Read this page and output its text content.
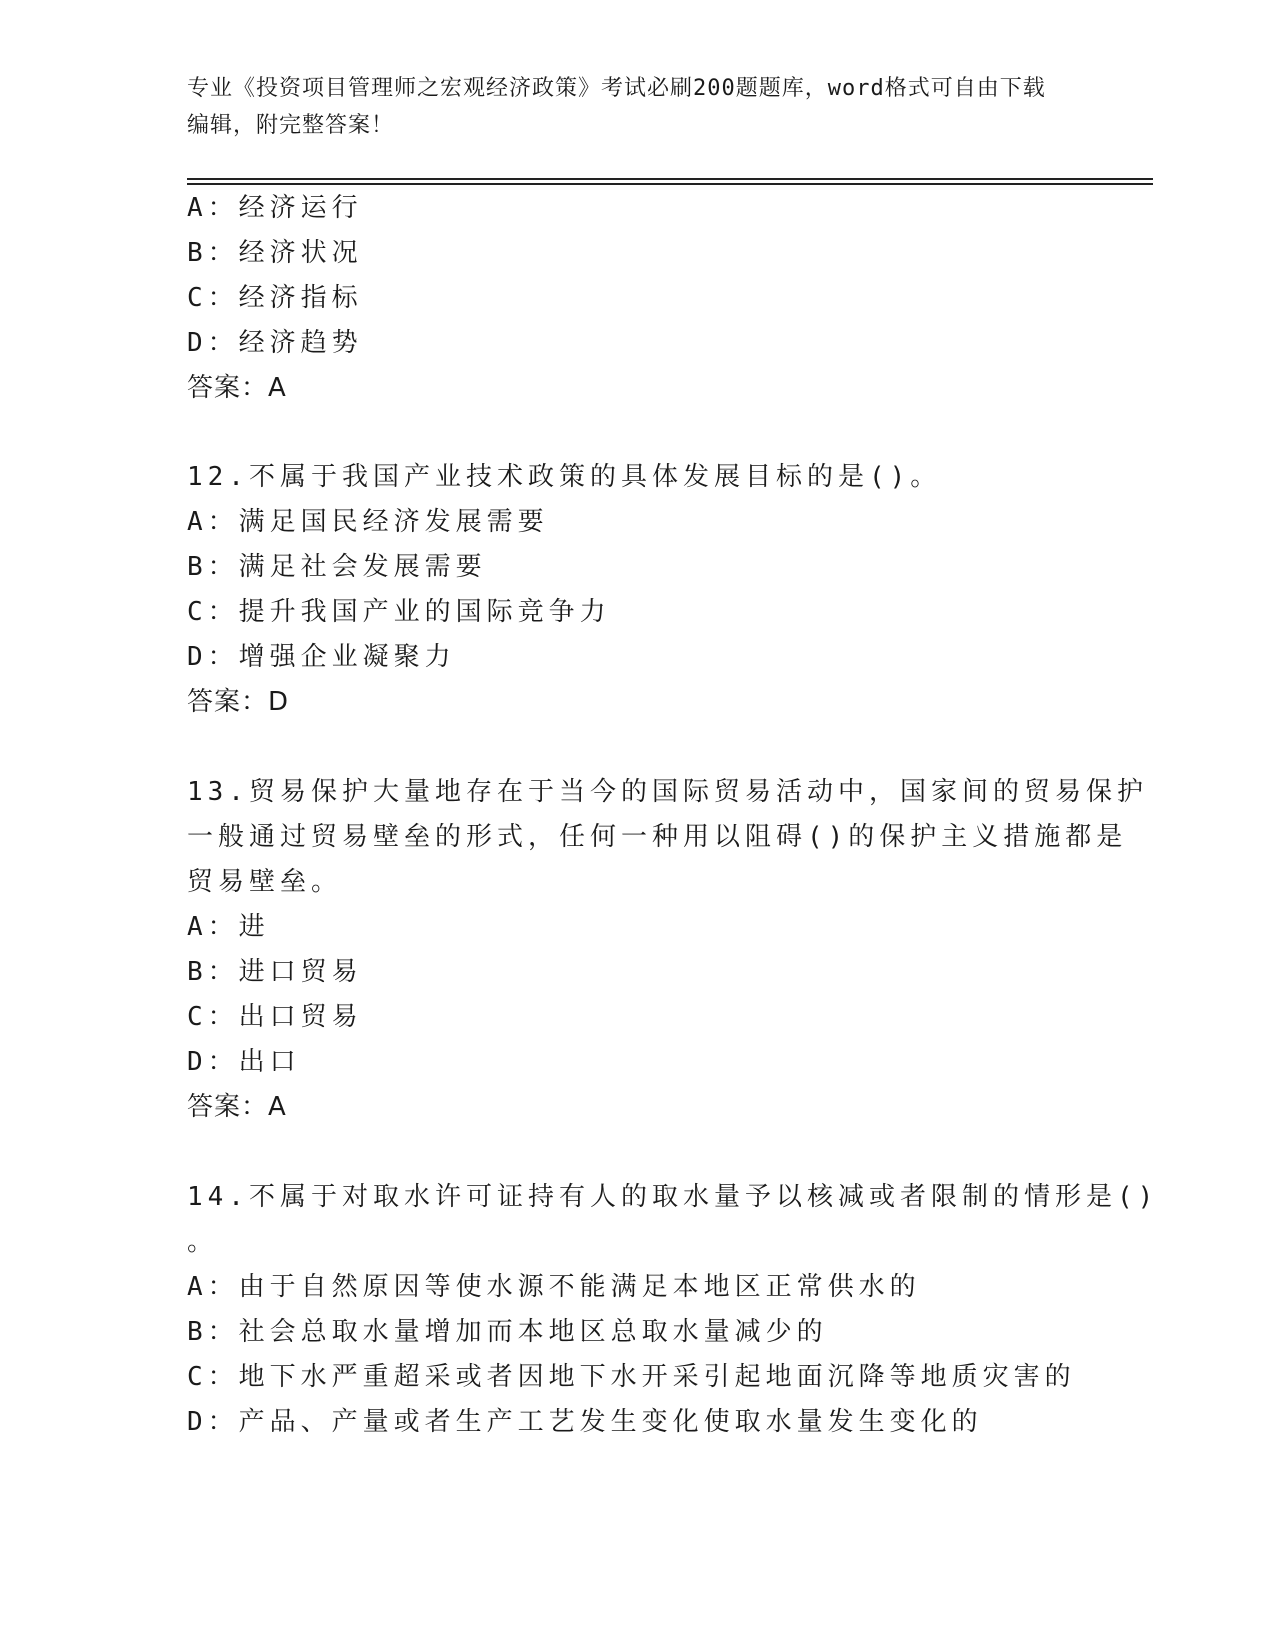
专业《投资项目管理师之宏观经济政策》考试必刷200题题库，word格式可自由下载编辑，附完整答案！
A：经济运行
B：经济状况
C：经济指标
D：经济趋势
答案：A
12.不属于我国产业技术政策的具体发展目标的是()。
A：满足国民经济发展需要
B：满足社会发展需要
C：提升我国产业的国际竞争力
D：增强企业凝聚力
答案：D
13.贸易保护大量地存在于当今的国际贸易活动中，国家间的贸易保护
一般通过贸易壁垒的形式，任何一种用以阻碍()的保护主义措施都是
贸易壁垒。
A：进
B：进口贸易
C：出口贸易
D：出口
答案：A
14.不属于对取水许可证持有人的取水量予以核减或者限制的情形是()
。
A：由于自然原因等使水源不能满足本地区正常供水的
B：社会总取水量增加而本地区总取水量减少的
C：地下水严重超采或者因地下水开采引起地面沉降等地质灾害的
D：产品、产量或者生产工艺发生变化使取水量发生变化的
